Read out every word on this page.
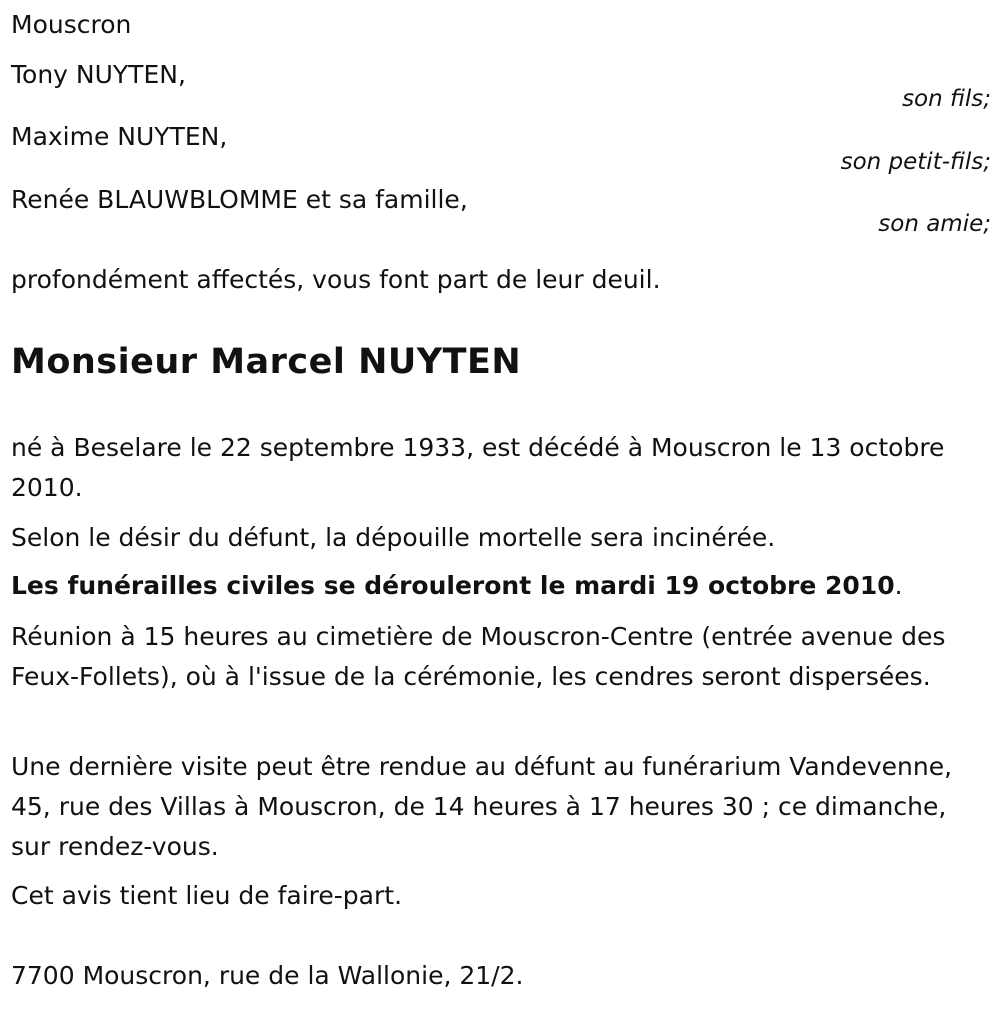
Mouscron

Tony NUYTEN,

son fils;

Maxime NUYTEN,

son petit-fils;

Renée BLAUWBLOMME et sa famille,

son amie;

profondément affectés, vous font part de leur deuil.

Monsieur Marcel NUYTEN

né à Beselare le 22 septembre 1933, est décédé à Mouscron le 13 octobre 2010.

Selon le désir du défunt, la dépouille mortelle sera incinérée.

Les funérailles civiles se dérouleront le mardi 19 octobre 2010.

Réunion à 15 heures au cimetière de Mouscron-Centre (entrée avenue des Feux-Follets), où à l'issue de la cérémonie, les cendres seront dispersées.

Une dernière visite peut être rendue au défunt au funérarium Vandevenne, 45, rue des Villas à Mouscron, de 14 heures à 17 heures 30 ; ce dimanche, sur rendez-vous.

Cet avis tient lieu de faire-part.

7700 Mouscron, rue de la Wallonie, 21/2.
